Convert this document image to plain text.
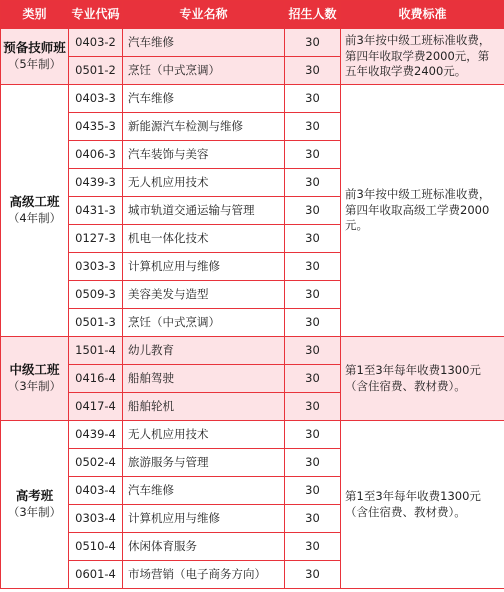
类别	专业代码	专业名称	招生人数	收费标准

预备技师班
（5年制）	0403-2	汽车维修	30	前3年按中级工班标准收费，第四年收取学费2000元，第五年收取学费2400元。
	0501-2	烹饪（中式烹调）	30	

高级工班
（4年制）	0403-3	汽车维修	30	前3年按中级工班标准收费，第四年收取高级工学费2000元。
	0435-3	新能源汽车检测与维修	30	
	0406-3	汽车装饰与美容	30	
	0439-3	无人机应用技术	30	
	0431-3	城市轨道交通运输与管理	30	
	0127-3	机电一体化技术	30	
	0303-3	计算机应用与维修	30	
	0509-3	美容美发与造型	30	
	0501-3	烹饪（中式烹调）	30	

中级工班
（3年制）	1501-4	幼儿教育	30	第1至3年每年收费1300元（含住宿费、教材费）。
	0416-4	船舶驾驶	30	
	0417-4	船舶轮机	30	

高考班
（3年制）	0439-4	无人机应用技术	30	第1至3年每年收费1300元（含住宿费、教材费）。
	0502-4	旅游服务与管理	30	
	0403-4	汽车维修	30	
	0303-4	计算机应用与维修	30	
	0510-4	休闲体育服务	30	
	0601-4	市场营销（电子商务方向）	30	
